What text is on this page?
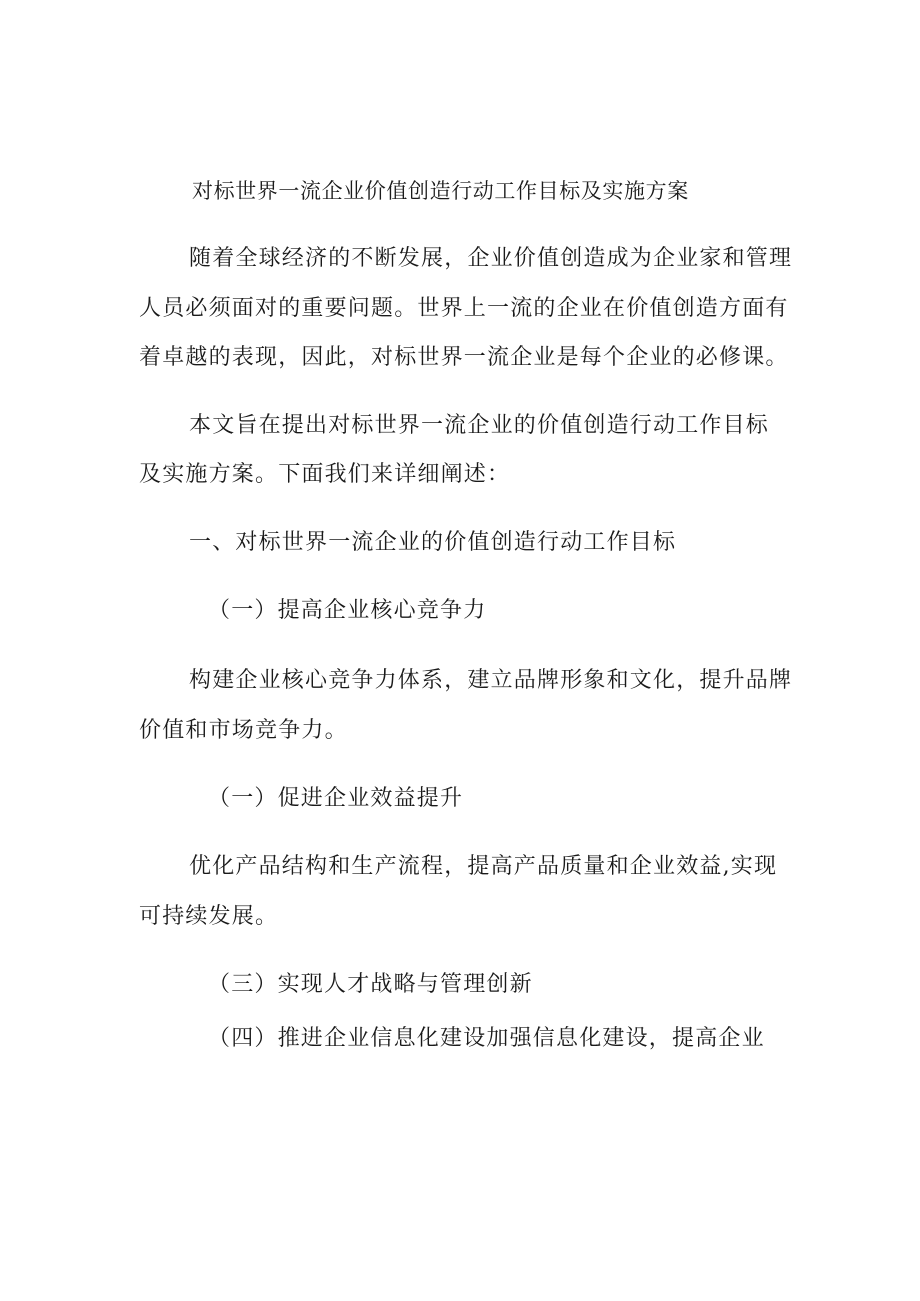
对标世界一流企业价值创造行动工作目标及实施方案
随着全球经济的不断发展，企业价值创造成为企业家和管理
人员必须面对的重要问题。世界上一流的企业在价值创造方面有
着卓越的表现，因此，对标世界一流企业是每个企业的必修课。
本文旨在提出对标世界一流企业的价值创造行动工作目标
及实施方案。下面我们来详细阐述：
一、对标世界一流企业的价值创造行动工作目标
（一）提高企业核心竞争力
构建企业核心竞争力体系，建立品牌形象和文化，提升品牌
价值和市场竞争力。
（一）促进企业效益提升
优化产品结构和生产流程，提高产品质量和企业效益,实现
可持续发展。
（三）实现人才战略与管理创新
（四）推进企业信息化建设加强信息化建设，提高企业
